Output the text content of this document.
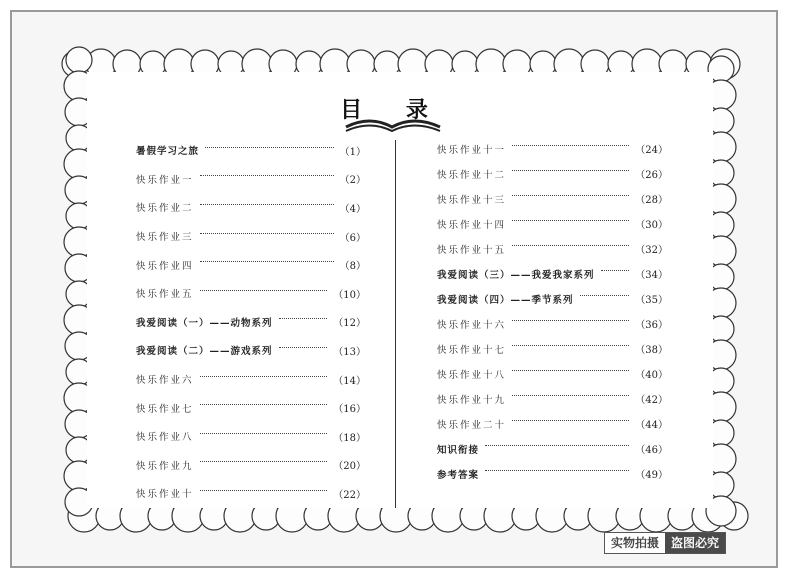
目 录
暑假学习之旅	（1）
快乐作业一	（2）
快乐作业二	（4）
快乐作业三	（6）
快乐作业四	（8）
快乐作业五	（10）
我爱阅读（一）——动物系列	（12）
我爱阅读（二）——游戏系列	（13）
快乐作业六	（14）
快乐作业七	（16）
快乐作业八	（18）
快乐作业九	（20）
快乐作业十	（22）
快乐作业十一	（24）
快乐作业十二	（26）
快乐作业十三	（28）
快乐作业十四	（30）
快乐作业十五	（32）
我爱阅读（三）——我爱我家系列	（34）
我爱阅读（四）——季节系列	（35）
快乐作业十六	（36）
快乐作业十七	（38）
快乐作业十八	（40）
快乐作业十九	（42）
快乐作业二十	（44）
知识衔接	（46）
参考答案	（49）
实物拍摄	盗图必究
